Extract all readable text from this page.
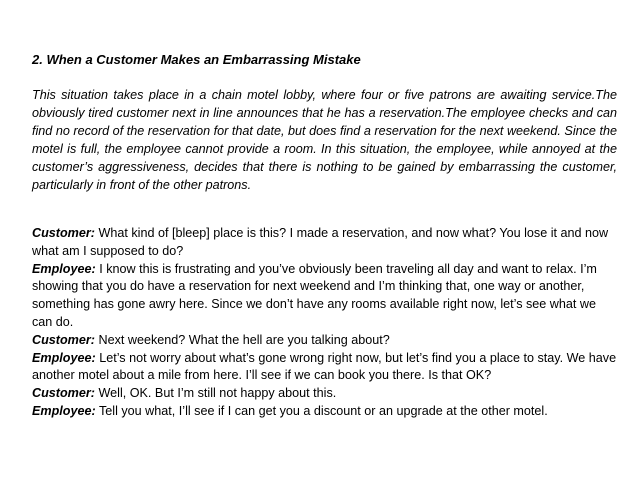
2. When a Customer Makes an Embarrassing Mistake
This situation takes place in a chain motel lobby, where four or five patrons are awaiting service.The obviously tired customer next in line announces that he has a reservation.The employee checks and can find no record of the reservation for that date, but does find a reservation for the next weekend. Since the motel is full, the employee cannot provide a room. In this situation, the employee, while annoyed at the customer’s aggressiveness, decides that there is nothing to be gained by embarrassing the customer, particularly in front of the other patrons.

Customer: What kind of [bleep] place is this? I made a reservation, and now what? You lose it and now what am I supposed to do?

Employee: I know this is frustrating and you’ve obviously been traveling all day and want to relax. I’m showing that you do have a reservation for next weekend and I’m thinking that, one way or another, something has gone awry here. Since we don’t have any rooms available right now, let’s see what we can do.

Customer: Next weekend? What the hell are you talking about?

Employee: Let’s not worry about what’s gone wrong right now, but let’s find you a place to stay. We have another motel about a mile from here. I’ll see if we can book you there. Is that OK?

Customer: Well, OK. But I’m still not happy about this.

Employee: Tell you what, I’ll see if I can get you a discount or an upgrade at the other motel.
